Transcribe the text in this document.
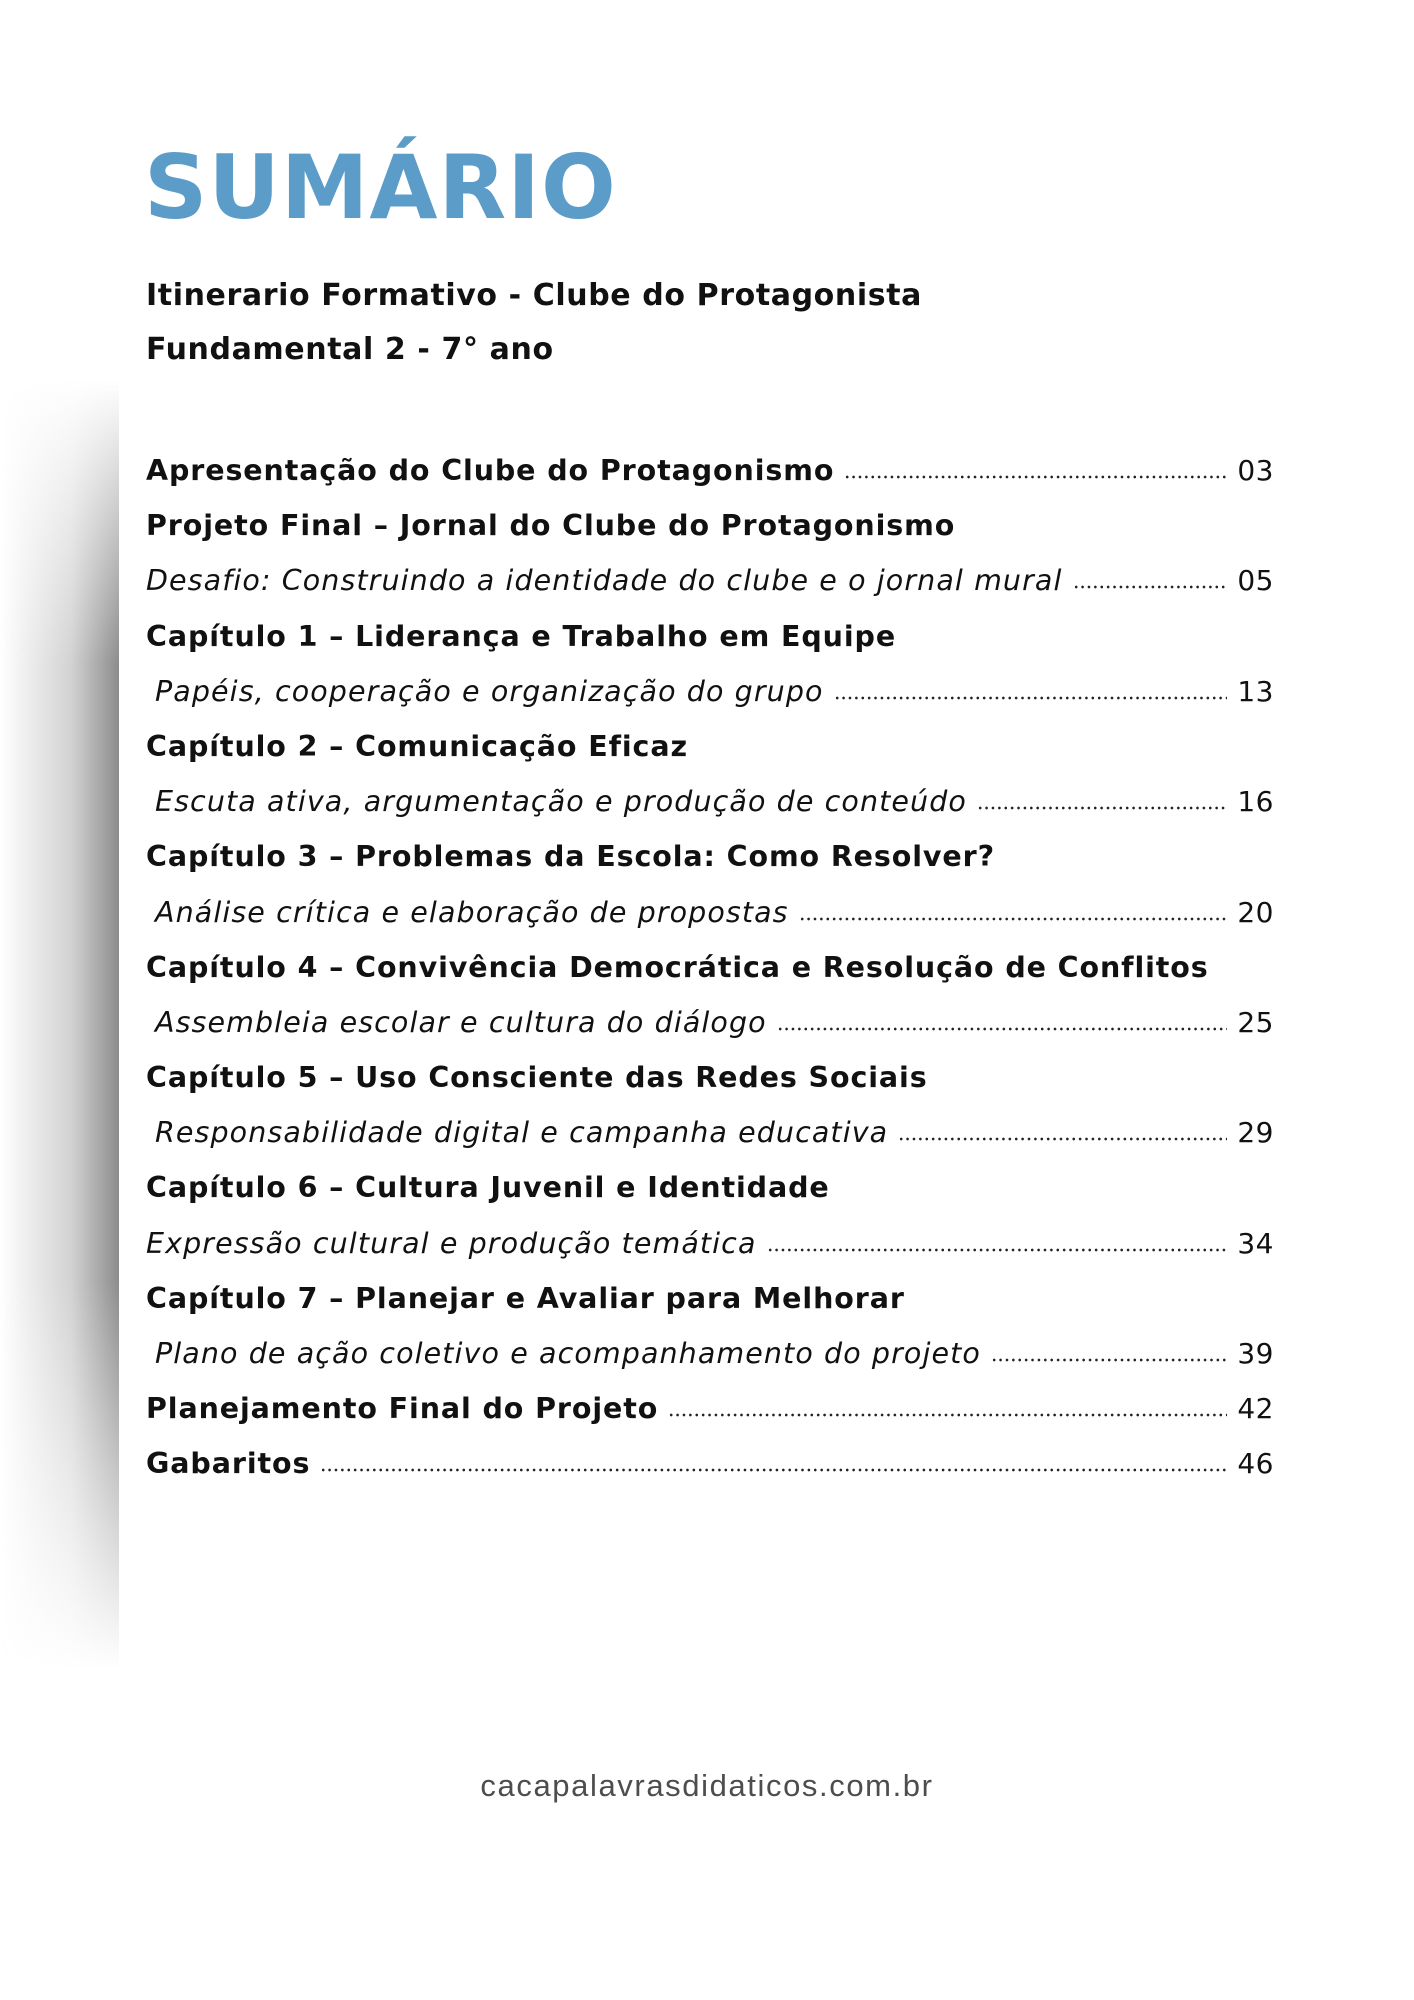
SUMÁRIO

Itinerario Formativo - Clube do Protagonista

Fundamental 2 - 7° ano

Apresentação do Clube do Protagonismo	03
Projeto Final – Jornal do Clube do Protagonismo
Desafio: Construindo a identidade do clube e o jornal mural	05
Capítulo 1 – Liderança e Trabalho em Equipe
Papéis, cooperação e organização do grupo	13
Capítulo 2 – Comunicação Eficaz
Escuta ativa, argumentação e produção de conteúdo	16
Capítulo 3 – Problemas da Escola: Como Resolver?
Análise crítica e elaboração de propostas	20
Capítulo 4 – Convivência Democrática e Resolução de Conflitos
Assembleia escolar e cultura do diálogo	25
Capítulo 5 – Uso Consciente das Redes Sociais
Responsabilidade digital e campanha educativa	29
Capítulo 6 – Cultura Juvenil e Identidade
Expressão cultural e produção temática	34
Capítulo 7 – Planejar e Avaliar para Melhorar
Plano de ação coletivo e acompanhamento do projeto	39
Planejamento Final do Projeto	42
Gabaritos	46

cacapalavrasdidaticos.com.br
